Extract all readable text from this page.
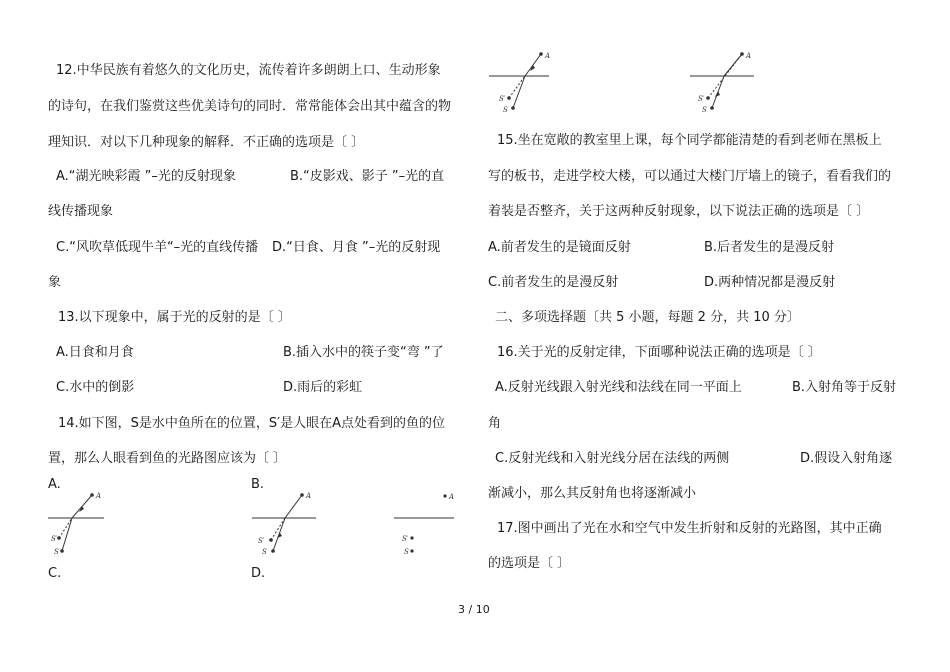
12.中华民族有着悠久的文化历史，流传着许多朗朗上口、生动形象
的诗句，在我们鉴赏这些优美诗句的同时．常常能体会出其中蕴含的物
理知识．对以下几种现象的解释．不正确的选项是〔 〕
A.“湖光映彩霞 ”–光的反射现象	B.“皮影戏、影子 ”–光的直
线传播现象
C.“风吹草低现牛羊“–光的直线传播 D.“日食、月食 ”–光的反射现
象
13.以下现象中，属于光的反射的是〔 〕
A.日食和月食	B.插入水中的筷子变“弯 ”了
C.水中的倒影	D.雨后的彩虹
14.如下图，S是水中鱼所在的位置，S′是人眼在A点处看到的鱼的位
置，那么人眼看到鱼的光路图应该为〔 〕
A.	B.
C.	D.
A
S′
S
A
S′
S
A
S′
S
A
S′
S
A
S′
S
15.坐在宽敞的教室里上课，每个同学都能清楚的看到老师在黑板上
写的板书，走进学校大楼，可以通过大楼门厅墙上的镜子，看看我们的
着装是否整齐，关于这两种反射现象，以下说法正确的选项是〔 〕
A.前者发生的是镜面反射	B.后者发生的是漫反射
C.前者发生的是漫反射	D.两种情况都是漫反射
二、多项选择题〔共 5 小题，每题 2 分，共 10 分〕
16.关于光的反射定律，下面哪种说法正确的选项是〔 〕
A.反射光线跟入射光线和法线在同一平面上	B.入射角等于反射
角
C.反射光线和入射光线分居在法线的两侧	D.假设入射角逐
渐减小，那么其反射角也将逐渐减小
17.图中画出了光在水和空气中发生折射和反射的光路图，其中正确
的选项是〔 〕
3 / 10
